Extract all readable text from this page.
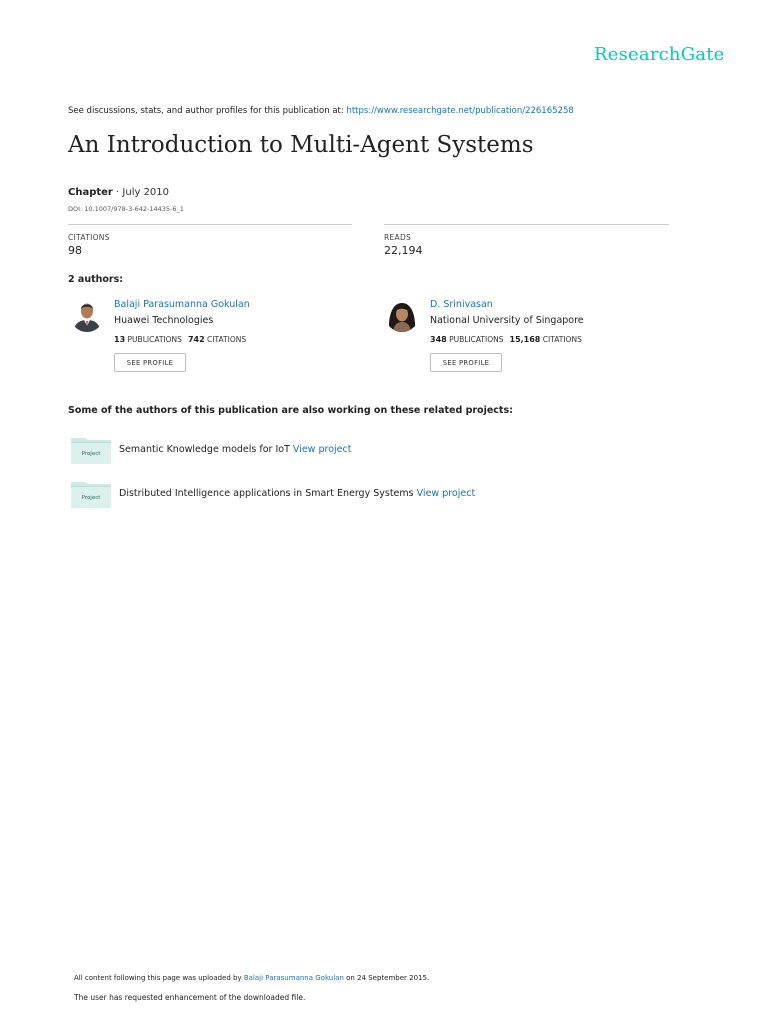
ResearchGate
See discussions, stats, and author profiles for this publication at: https://www.researchgate.net/publication/226165258
An Introduction to Multi-Agent Systems
Chapter · July 2010
DOI: 10.1007/978-3-642-14435-6_1
CITATIONS
98
READS
22,194
2 authors:
Balaji Parasumanna Gokulan
Huawei Technologies
13 PUBLICATIONS 742 CITATIONS
SEE PROFILE
D. Srinivasan
National University of Singapore
348 PUBLICATIONS 15,168 CITATIONS
SEE PROFILE
Some of the authors of this publication are also working on these related projects:
Project Semantic Knowledge models for IoT View project
Project Distributed Intelligence applications in Smart Energy Systems View project
All content following this page was uploaded by Balaji Parasumanna Gokulan on 24 September 2015.
The user has requested enhancement of the downloaded file.
